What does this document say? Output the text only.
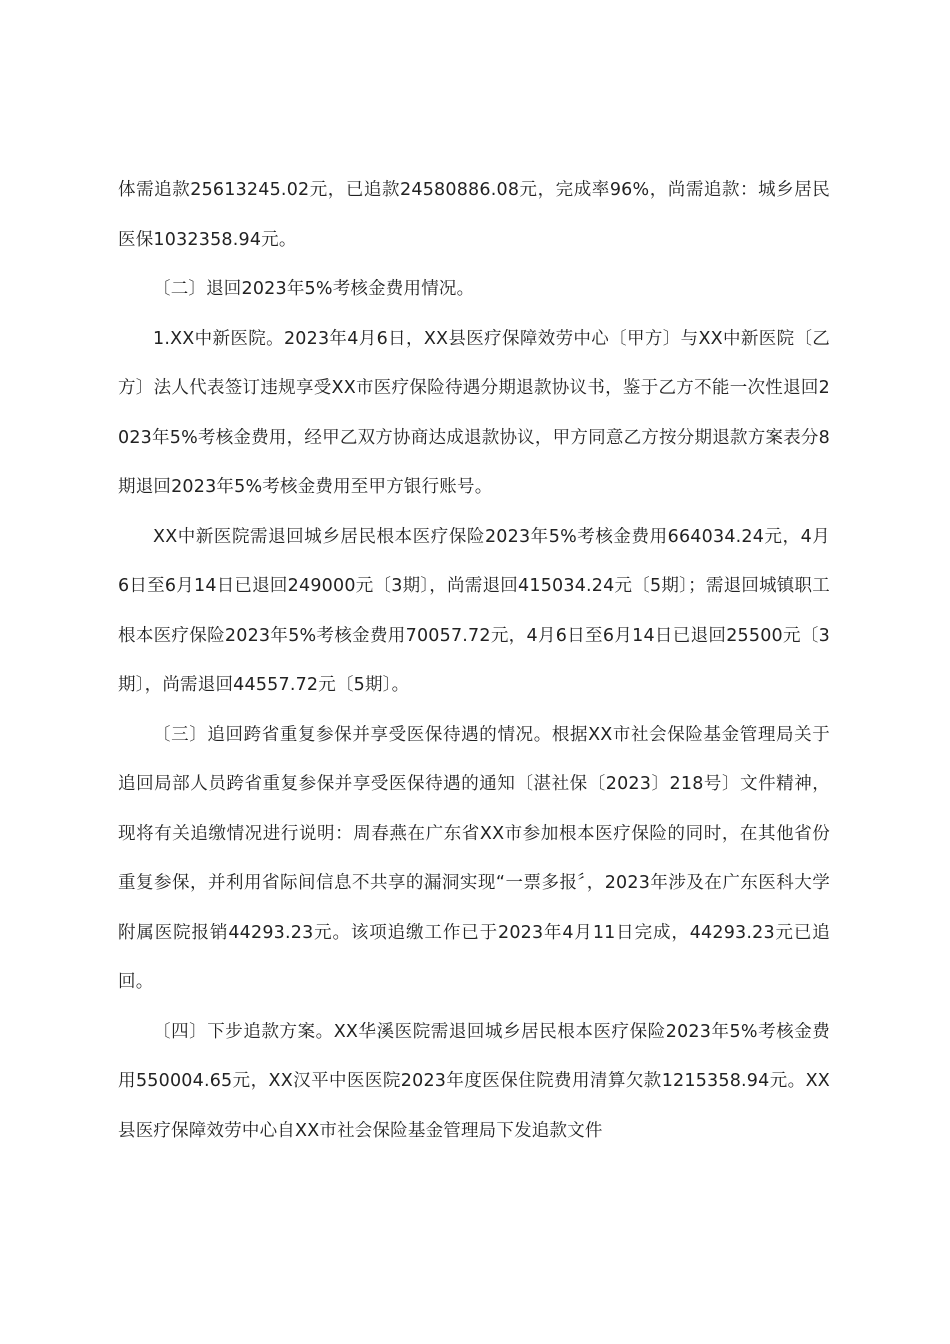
体需追款25613245.02元，已追款24580886.08元，完成率96%，尚需追款：城乡居民医保1032358.94元。

〔二〕退回2023年5%考核金费用情况。

1.XX中新医院。2023年4月6日，XX县医疗保障效劳中心〔甲方〕与XX中新医院〔乙方〕法人代表签订违规享受XX市医疗保险待遇分期退款协议书，鉴于乙方不能一次性退回2023年5%考核金费用，经甲乙双方协商达成退款协议，甲方同意乙方按分期退款方案表分8期退回2023年5%考核金费用至甲方银行账号。

XX中新医院需退回城乡居民根本医疗保险2023年5%考核金费用664034.24元，4月6日至6月14日已退回249000元〔3期〕，尚需退回415034.24元〔5期〕；需退回城镇职工根本医疗保险2023年5%考核金费用70057.72元，4月6日至6月14日已退回25500元〔3期〕，尚需退回44557.72元〔5期〕。

〔三〕追回跨省重复参保并享受医保待遇的情况。根据XX市社会保险基金管理局关于追回局部人员跨省重复参保并享受医保待遇的通知〔湛社保〔2023〕218号〕文件精神，现将有关追缴情况进行说明：周春燕在广东省XX市参加根本医疗保险的同时，在其他省份重复参保，并利用省际间信息不共享的漏洞实现“一票多报〞，2023年涉及在广东医科大学附属医院报销44293.23元。该项追缴工作已于2023年4月11日完成，44293.23元已追回。

〔四〕下步追款方案。XX华溪医院需退回城乡居民根本医疗保险2023年5%考核金费用550004.65元，XX汉平中医医院2023年度医保住院费用清算欠款1215358.94元。XX县医疗保障效劳中心自XX市社会保险基金管理局下发追款文件
